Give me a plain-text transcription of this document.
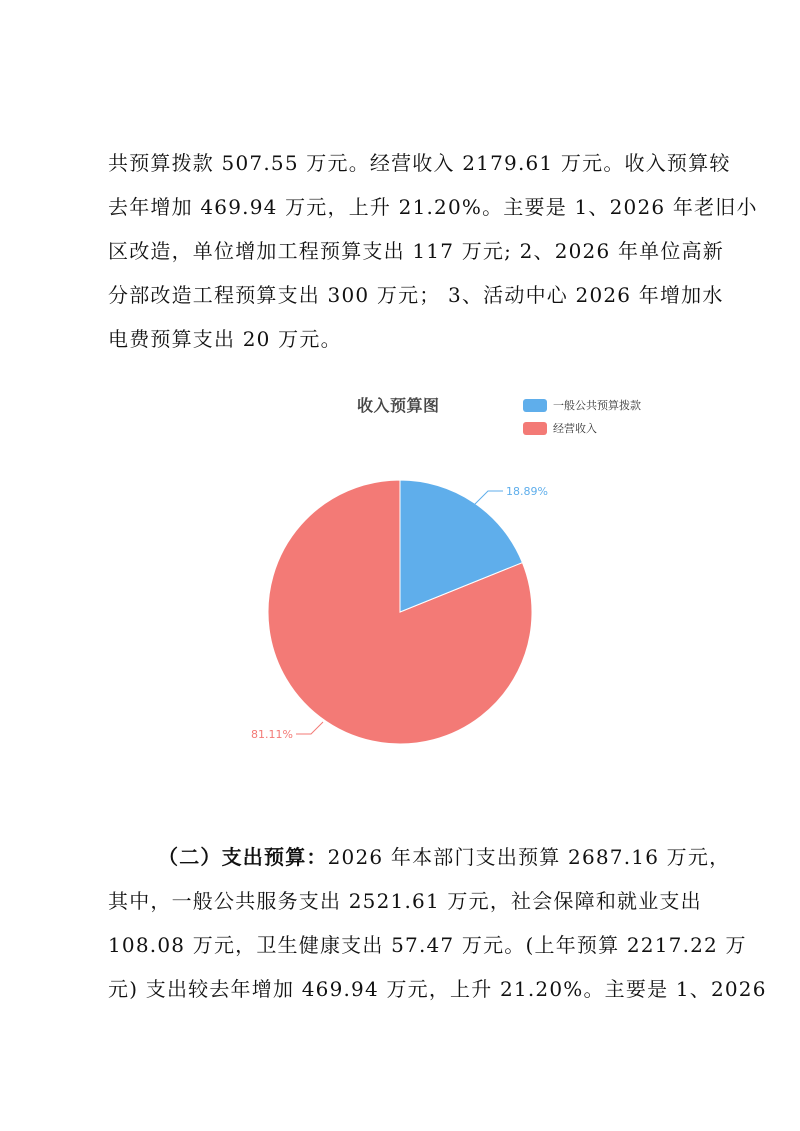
共预算拨款 507.55 万元。经营收入 2179.61 万元。收入预算较
去年增加 469.94 万元，上升 21.20%。主要是 1、2026 年老旧小
区改造，单位增加工程预算支出 117 万元; 2、2026 年单位高新
分部改造工程预算支出 300 万元； 3、活动中心 2026 年增加水
电费预算支出 20 万元。
收入预算图	一般公共预算拨款
经营收入
18.89%
81.11%
（二）支出预算：2026 年本部门支出预算 2687.16 万元，
其中，一般公共服务支出 2521.61 万元，社会保障和就业支出
108.08 万元，卫生健康支出 57.47 万元。(上年预算 2217.22 万
元) 支出较去年增加 469.94 万元，上升 21.20%。主要是 1、2026
